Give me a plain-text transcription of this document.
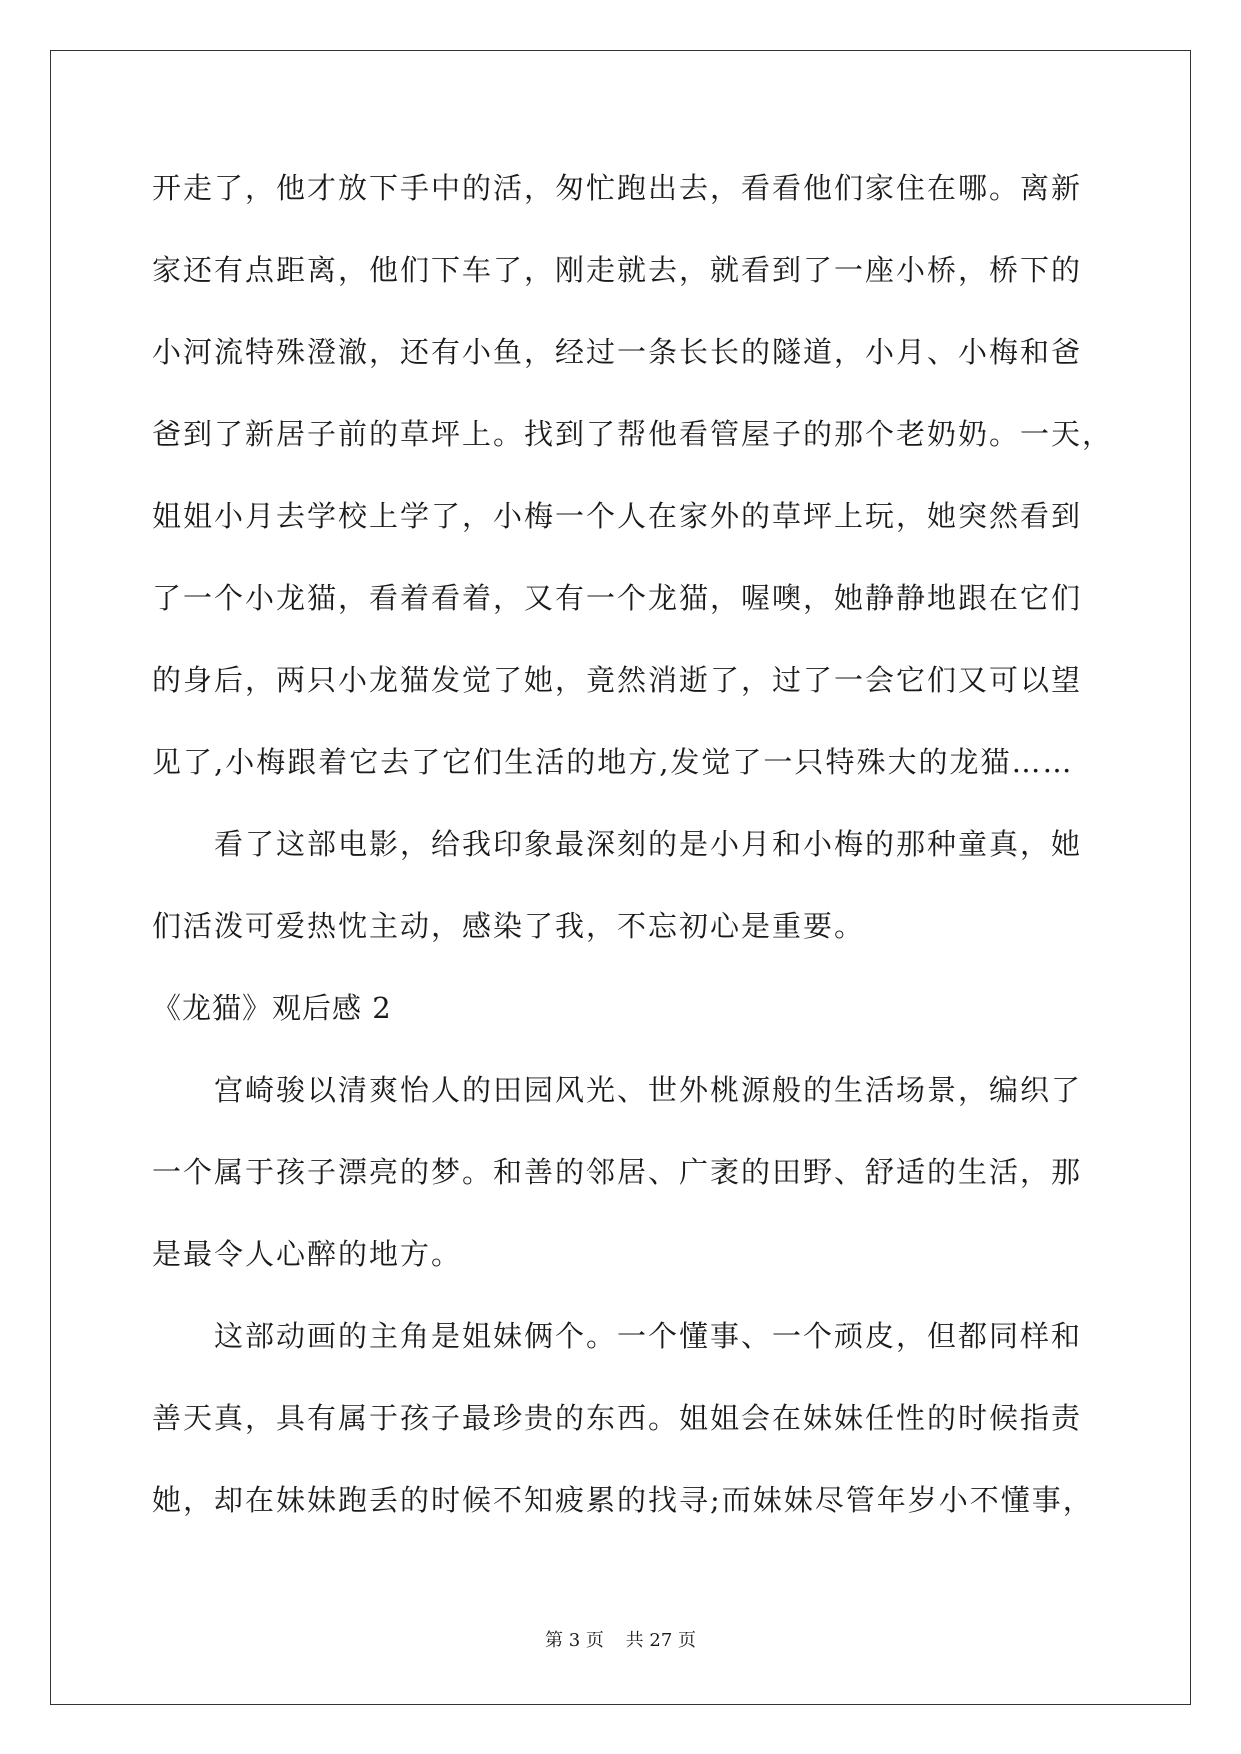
开走了，他才放下手中的活，匆忙跑出去，看看他们家住在哪。离新
家还有点距离，他们下车了，刚走就去，就看到了一座小桥，桥下的
小河流特殊澄澈，还有小鱼，经过一条长长的隧道，小月、小梅和爸
爸到了新居子前的草坪上。找到了帮他看管屋子的那个老奶奶。一天，
姐姐小月去学校上学了，小梅一个人在家外的草坪上玩，她突然看到
了一个小龙猫，看着看着，又有一个龙猫，喔噢，她静静地跟在它们
的身后，两只小龙猫发觉了她，竟然消逝了，过了一会它们又可以望
见了,小梅跟着它去了它们生活的地方,发觉了一只特殊大的龙猫……
看了这部电影，给我印象最深刻的是小月和小梅的那种童真，她
们活泼可爱热忱主动，感染了我，不忘初心是重要。
《龙猫》观后感 2
宫崎骏以清爽怡人的田园风光、世外桃源般的生活场景，编织了
一个属于孩子漂亮的梦。和善的邻居、广袤的田野、舒适的生活，那
是最令人心醉的地方。
这部动画的主角是姐妹俩个。一个懂事、一个顽皮，但都同样和
善天真，具有属于孩子最珍贵的东西。姐姐会在妹妹任性的时候指责
她，却在妹妹跑丢的时候不知疲累的找寻;而妹妹尽管年岁小不懂事，
第 3 页 共 27 页
